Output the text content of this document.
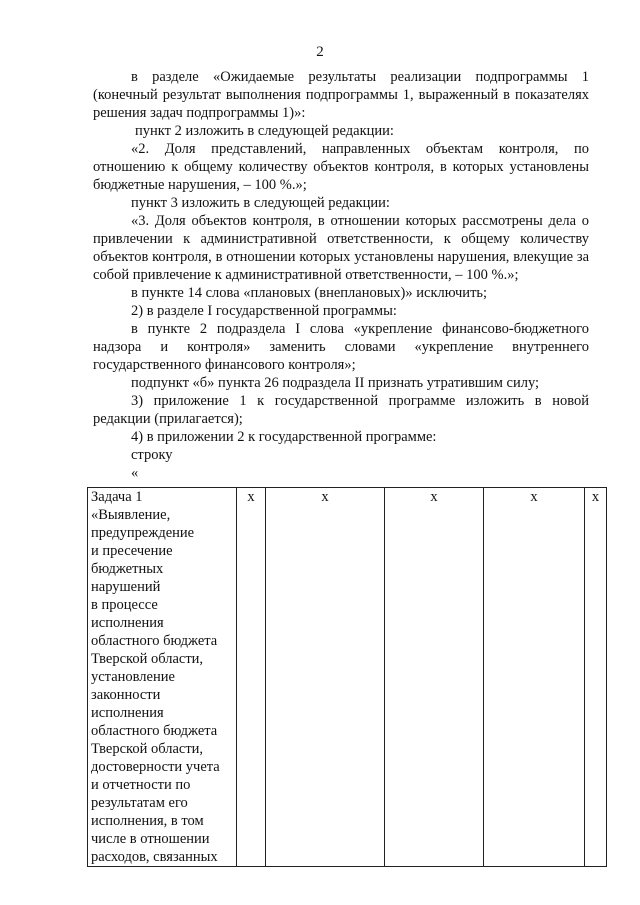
2

в разделе «Ожидаемые результаты реализации подпрограммы 1 (конечный результат выполнения подпрограммы 1, выраженный в показателях решения задач подпрограммы 1)»:

пункт 2 изложить в следующей редакции:

«2. Доля представлений, направленных объектам контроля, по отношению к общему количеству объектов контроля, в которых установлены бюджетные нарушения, – 100 %.»;

пункт 3 изложить в следующей редакции:

«3. Доля объектов контроля, в отношении которых рассмотрены дела о привлечении к административной ответственности, к общему количеству объектов контроля, в отношении которых установлены нарушения, влекущие за собой привлечение к административной ответственности, – 100 %.»;

в пункте 14 слова «плановых (внеплановых)» исключить;

2) в разделе I государственной программы:

в пункте 2 подраздела I слова «укрепление финансово-бюджетного надзора и контроля» заменить словами «укрепление внутреннего государственного финансового контроля»;

подпункт «б» пункта 26 подраздела II признать утратившим силу;

3) приложение 1 к государственной программе изложить в новой редакции (прилагается);

4) в приложении 2 к государственной программе:

строку

«

Задача 1
«Выявление,
предупреждение
и пресечение
бюджетных
нарушений
в процессе
исполнения
областного бюджета
Тверской области,
установление
законности
исполнения
областного бюджета
Тверской области,
достоверности учета
и отчетности по
результатам его
исполнения, в том
числе в отношении
расходов, связанных
	x	x	x	x	x
